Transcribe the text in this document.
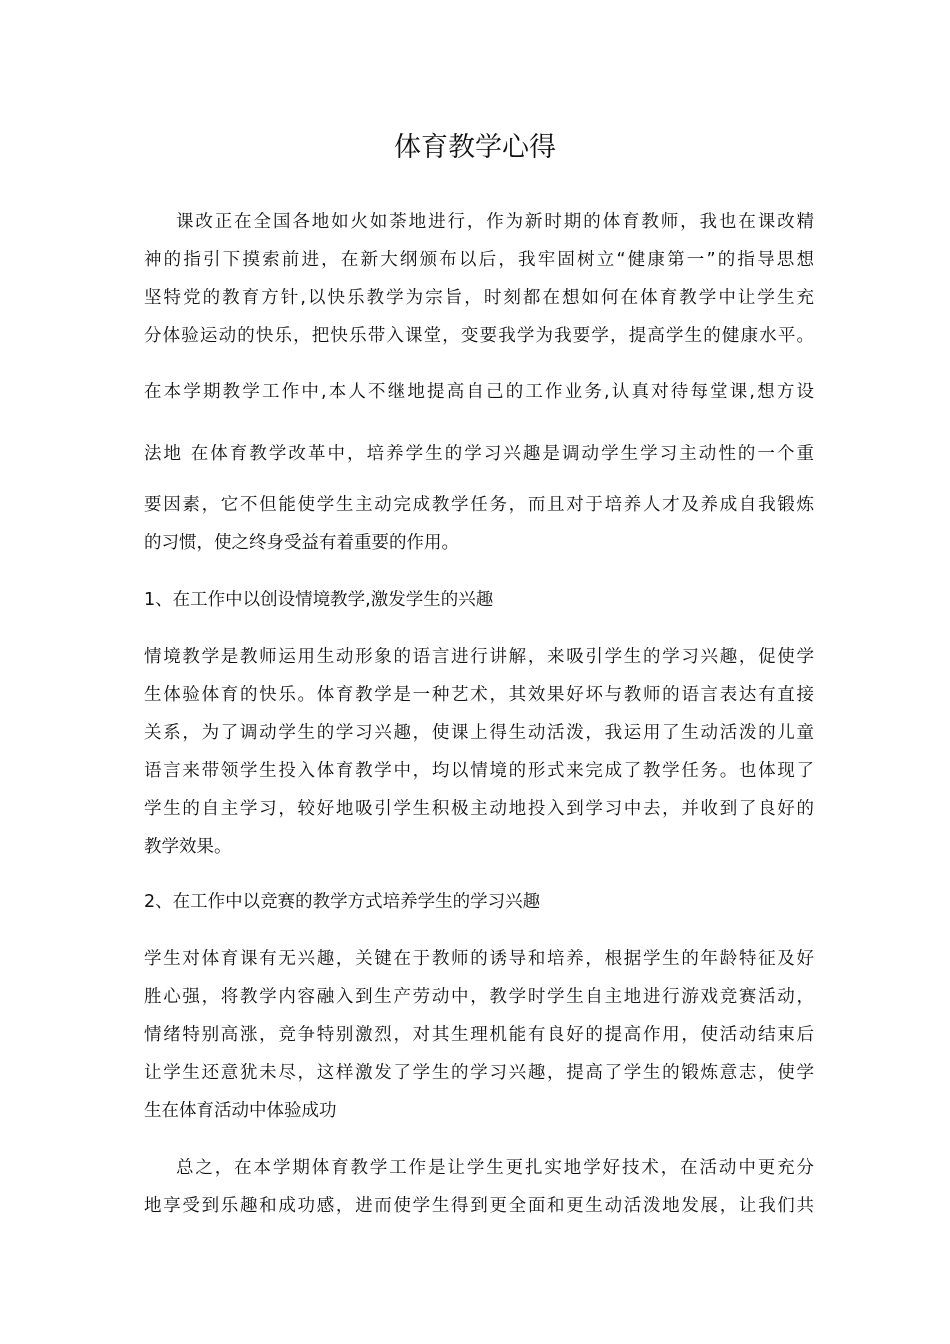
体育教学心得
课改正在全国各地如火如荼地进行，作为新时期的体育教师，我也在课改精
神的指引下摸索前进，在新大纲颁布以后，我牢固树立“健康第一”的指导思想
坚特党的教育方针,以快乐教学为宗旨，时刻都在想如何在体育教学中让学生充
分体验运动的快乐，把快乐带入课堂，变要我学为我要学，提高学生的健康水平。
在本学期教学工作中,本人不继地提高自己的工作业务,认真对待每堂课,想方设
法地 在体育教学改革中，培养学生的学习兴趣是调动学生学习主动性的一个重
要因素，它不但能使学生主动完成教学任务，而且对于培养人才及养成自我锻炼
的习惯，使之终身受益有着重要的作用。
1、在工作中以创设情境教学,激发学生的兴趣
情境教学是教师运用生动形象的语言进行讲解，来吸引学生的学习兴趣，促使学
生体验体育的快乐。体育教学是一种艺术，其效果好坏与教师的语言表达有直接
关系，为了调动学生的学习兴趣，使课上得生动活泼，我运用了生动活泼的儿童
语言来带领学生投入体育教学中，均以情境的形式来完成了教学任务。也体现了
学生的自主学习，较好地吸引学生积极主动地投入到学习中去，并收到了良好的
教学效果。
2、在工作中以竞赛的教学方式培养学生的学习兴趣
学生对体育课有无兴趣，关键在于教师的诱导和培养，根据学生的年龄特征及好
胜心强，将教学内容融入到生产劳动中，教学时学生自主地进行游戏竞赛活动，
情绪特别高涨，竞争特别激烈，对其生理机能有良好的提高作用，使活动结束后
让学生还意犹未尽，这样激发了学生的学习兴趣，提高了学生的锻炼意志，使学
生在体育活动中体验成功
总之，在本学期体育教学工作是让学生更扎实地学好技术，在活动中更充分
地享受到乐趣和成功感，进而使学生得到更全面和更生动活泼地发展，让我们共
